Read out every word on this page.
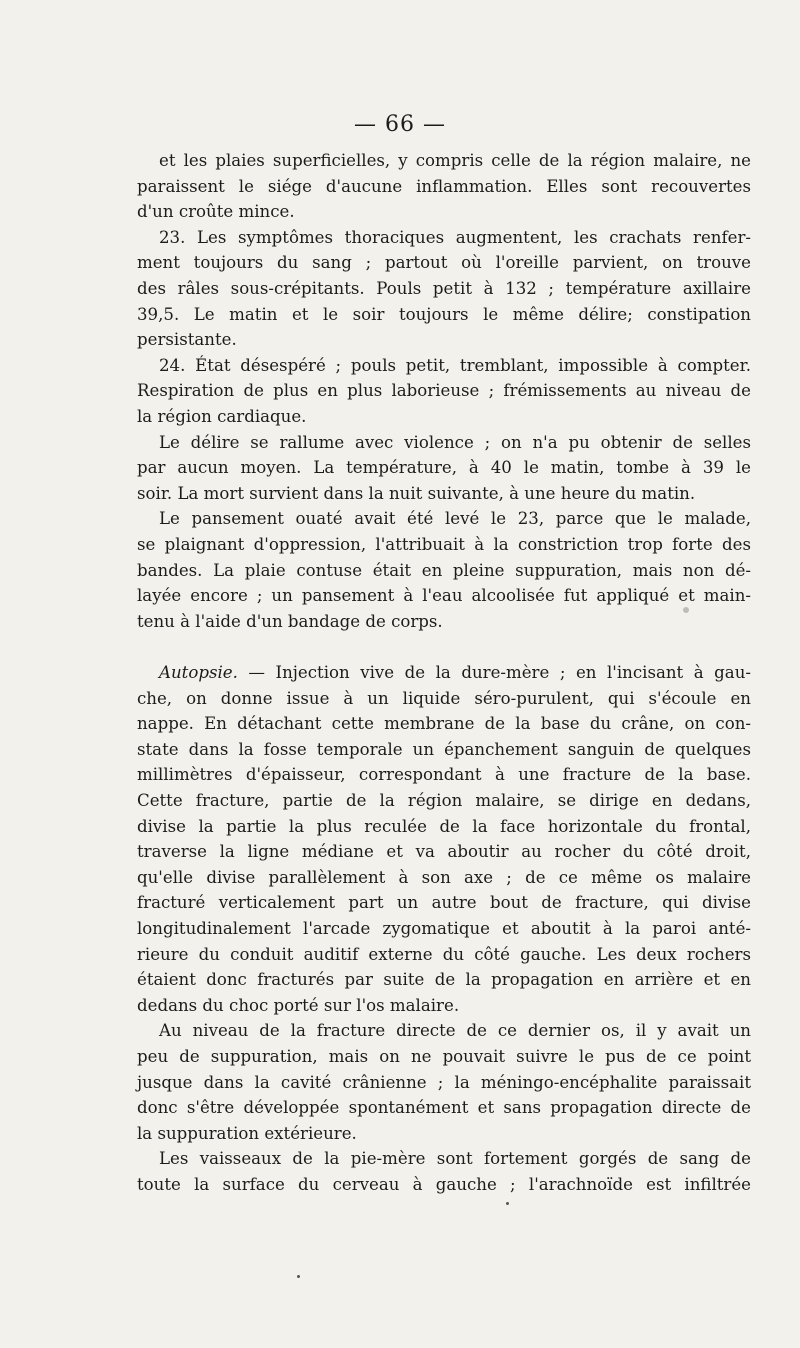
— 66 —
et les plaies superficielles, y compris celle de la région malaire, ne
paraissent le siége d'aucune inflammation. Elles sont recouvertes
d'un croûte mince.
23. Les symptômes thoraciques augmentent, les crachats renfer-
ment toujours du sang ; partout où l'oreille parvient, on trouve
des râles sous-crépitants. Pouls petit à 132 ; température axillaire
39,5. Le matin et le soir toujours le même délire; constipation
persistante.
24. État désespéré ; pouls petit, tremblant, impossible à compter.
Respiration de plus en plus laborieuse ; frémissements au niveau de
la région cardiaque.
Le délire se rallume avec violence ; on n'a pu obtenir de selles
par aucun moyen. La température, à 40 le matin, tombe à 39 le
soir. La mort survient dans la nuit suivante, à une heure du matin.
Le pansement ouaté avait été levé le 23, parce que le malade,
se plaignant d'oppression, l'attribuait à la constriction trop forte des
bandes. La plaie contuse était en pleine suppuration, mais non dé-
layée encore ; un pansement à l'eau alcoolisée fut appliqué et main-
tenu à l'aide d'un bandage de corps.
Autopsie. — Injection vive de la dure-mère ; en l'incisant à gau-
che, on donne issue à un liquide séro-purulent, qui s'écoule en
nappe. En détachant cette membrane de la base du crâne, on con-
state dans la fosse temporale un épanchement sanguin de quelques
millimètres d'épaisseur, correspondant à une fracture de la base.
Cette fracture, partie de la région malaire, se dirige en dedans,
divise la partie la plus reculée de la face horizontale du frontal,
traverse la ligne médiane et va aboutir au rocher du côté droit,
qu'elle divise parallèlement à son axe ; de ce même os malaire
fracturé verticalement part un autre bout de fracture, qui divise
longitudinalement l'arcade zygomatique et aboutit à la paroi anté-
rieure du conduit auditif externe du côté gauche. Les deux rochers
étaient donc fracturés par suite de la propagation en arrière et en
dedans du choc porté sur l'os malaire.
Au niveau de la fracture directe de ce dernier os, il y avait un
peu de suppuration, mais on ne pouvait suivre le pus de ce point
jusque dans la cavité crânienne ; la méningo-encéphalite paraissait
donc s'être développée spontanément et sans propagation directe de
la suppuration extérieure.
Les vaisseaux de la pie-mère sont fortement gorgés de sang de
toute la surface du cerveau à gauche ; l'arachnoïde est infiltrée
